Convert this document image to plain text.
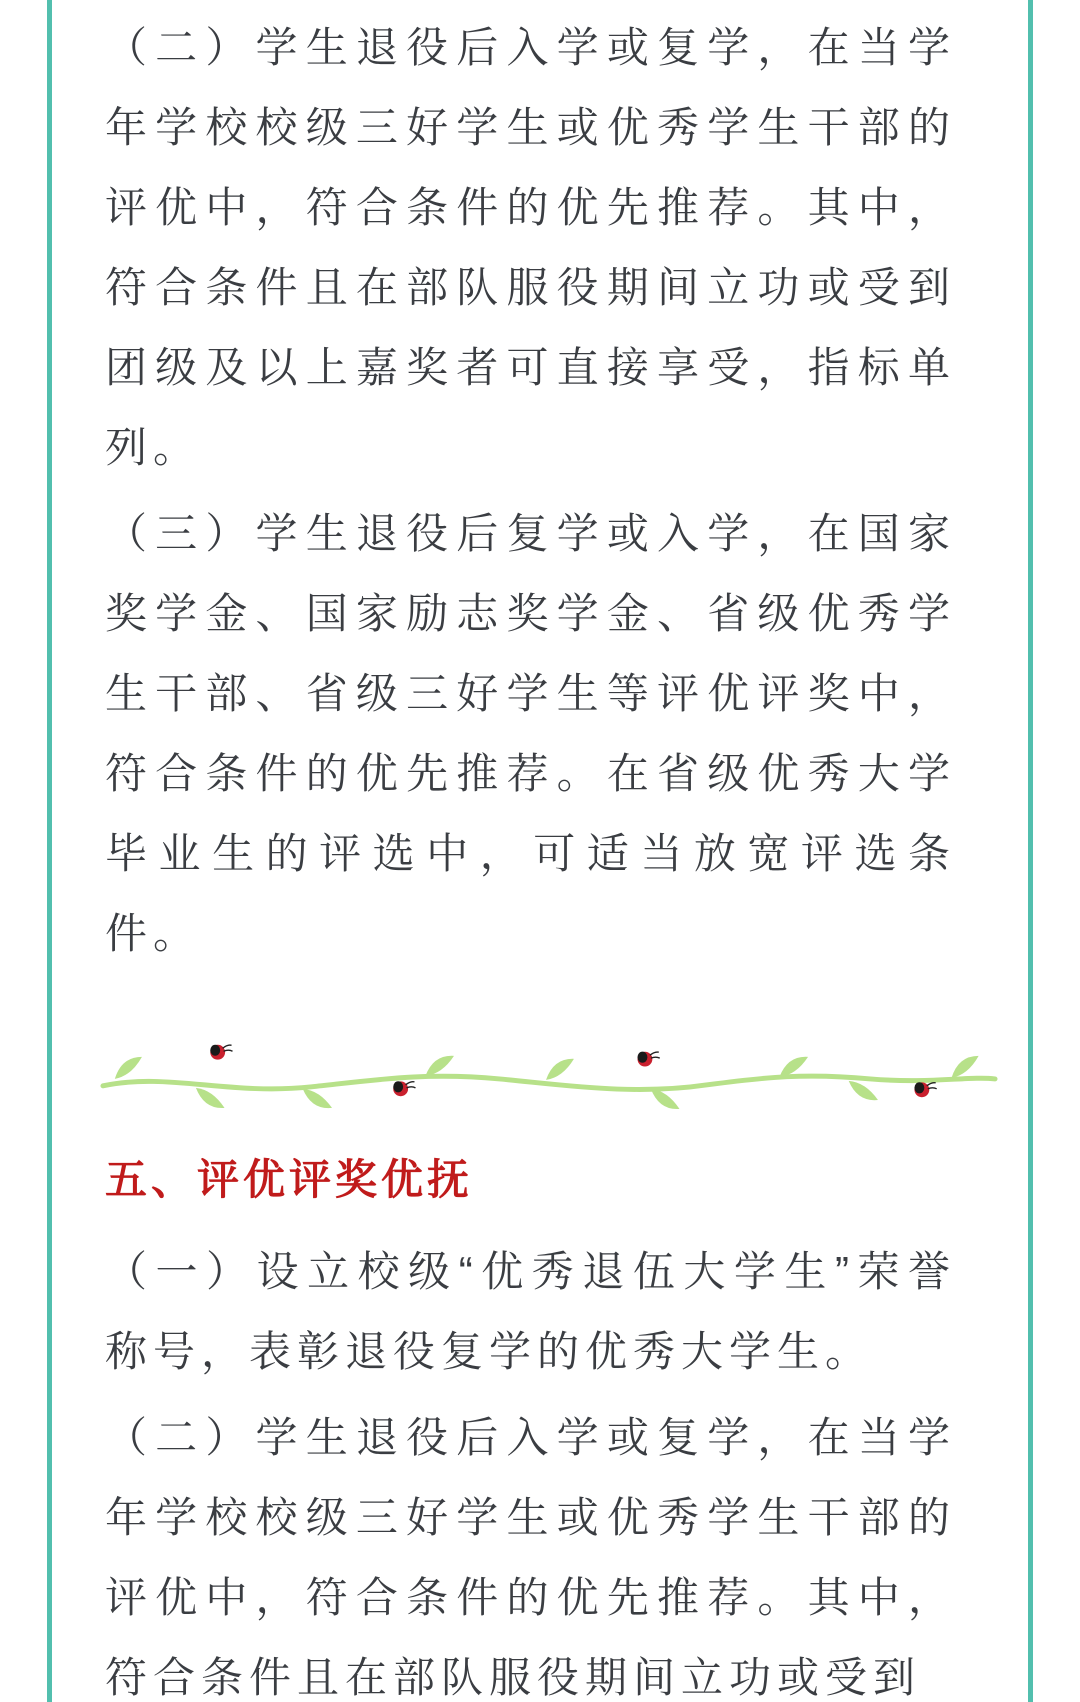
（二）学生退役后入学或复学，在当学年学校校级三好学生或优秀学生干部的评优中，符合条件的优先推荐。其中，符合条件且在部队服役期间立功或受到团级及以上嘉奖者可直接享受，指标单列。

（三）学生退役后复学或入学，在国家奖学金、国家励志奖学金、省级优秀学生干部、省级三好学生等评优评奖中，符合条件的优先推荐。在省级优秀大学毕业生的评选中，可适当放宽评选条件。

五、评优评奖优抚

（一）设立校级“优秀退伍大学生”荣誉称号，表彰退役复学的优秀大学生。

（二）学生退役后入学或复学，在当学年学校校级三好学生或优秀学生干部的评优中，符合条件的优先推荐。其中，符合条件且在部队服役期间立功或受到
